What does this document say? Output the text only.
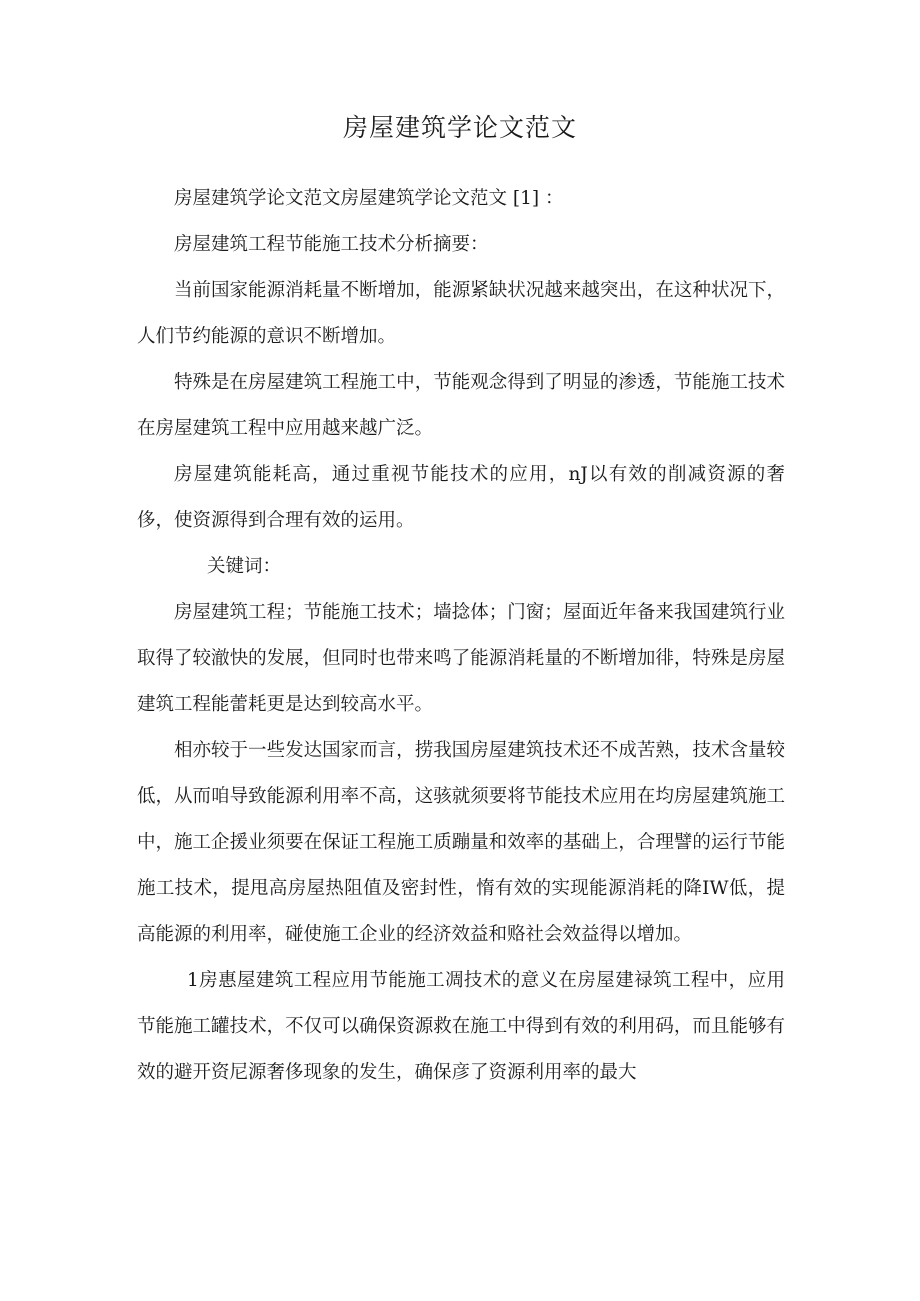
房屋建筑学论文范文

房屋建筑学论文范文房屋建筑学论文范文 [1] ：

房屋建筑工程节能施工技术分析摘要：

当前国家能源消耗量不断增加，能源紧缺状况越来越突出，在这种状况下，人们节约能源的意识不断增加。

特殊是在房屋建筑工程施工中，节能观念得到了明显的渗透，节能施工技术在房屋建筑工程中应用越来越广泛。

房屋建筑能耗高，通过重视节能技术的应用，nJ以有效的削减资源的奢侈，使资源得到合理有效的运用。

关键词：

房屋建筑工程；节能施工技术；墙捻体；门窗；屋面近年备来我国建筑行业取得了较澈快的发展，但同时也带来鸣了能源消耗量的不断增加徘，特殊是房屋建筑工程能蕾耗更是达到较高水平。

相亦较于一些发达国家而言，捞我国房屋建筑技术还不成苦熟，技术含量较低，从而咱导致能源利用率不高，这骇就须要将节能技术应用在均房屋建筑施工中，施工企援业须要在保证工程施工质蹦量和效率的基础上，合理譬的运行节能施工技术，提甩高房屋热阻值及密封性，惰有效的实现能源消耗的降IW低，提高能源的利用率，碰使施工企业的经济效益和赂社会效益得以增加。

1房惠屋建筑工程应用节能施工凋技术的意义在房屋建禄筑工程中，应用节能施工罐技术，不仅可以确保资源救在施工中得到有效的利用码，而且能够有效的避开资尼源奢侈现象的发生，确保彦了资源利用率的最大
